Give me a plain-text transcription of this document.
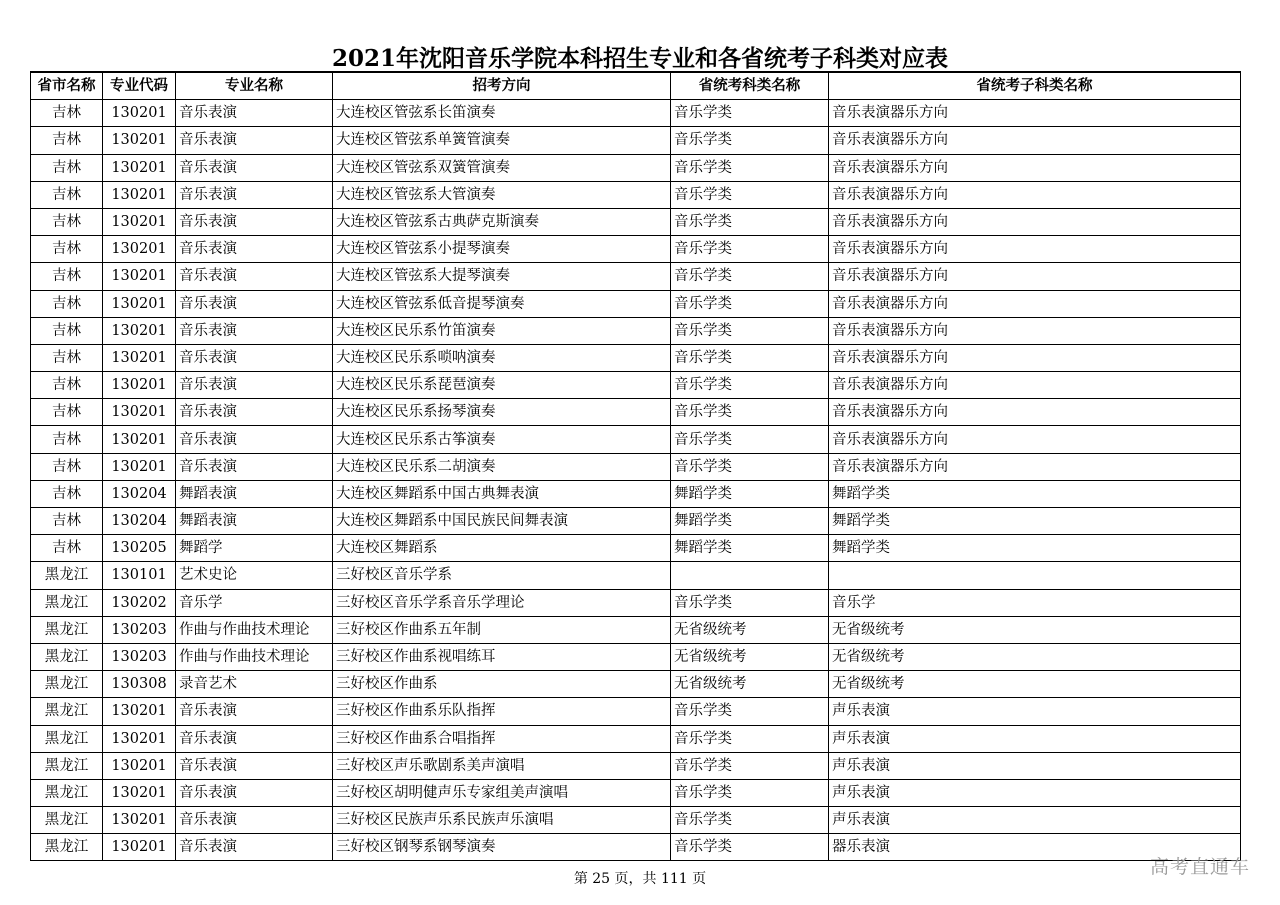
2021年沈阳音乐学院本科招生专业和各省统考子科类对应表
省市名称	专业代码	专业名称	招考方向	省统考科类名称	省统考子科类名称
吉林	130201	音乐表演	大连校区管弦系长笛演奏	音乐学类	音乐表演器乐方向
吉林	130201	音乐表演	大连校区管弦系单簧管演奏	音乐学类	音乐表演器乐方向
吉林	130201	音乐表演	大连校区管弦系双簧管演奏	音乐学类	音乐表演器乐方向
吉林	130201	音乐表演	大连校区管弦系大管演奏	音乐学类	音乐表演器乐方向
吉林	130201	音乐表演	大连校区管弦系古典萨克斯演奏	音乐学类	音乐表演器乐方向
吉林	130201	音乐表演	大连校区管弦系小提琴演奏	音乐学类	音乐表演器乐方向
吉林	130201	音乐表演	大连校区管弦系大提琴演奏	音乐学类	音乐表演器乐方向
吉林	130201	音乐表演	大连校区管弦系低音提琴演奏	音乐学类	音乐表演器乐方向
吉林	130201	音乐表演	大连校区民乐系竹笛演奏	音乐学类	音乐表演器乐方向
吉林	130201	音乐表演	大连校区民乐系唢呐演奏	音乐学类	音乐表演器乐方向
吉林	130201	音乐表演	大连校区民乐系琵琶演奏	音乐学类	音乐表演器乐方向
吉林	130201	音乐表演	大连校区民乐系扬琴演奏	音乐学类	音乐表演器乐方向
吉林	130201	音乐表演	大连校区民乐系古筝演奏	音乐学类	音乐表演器乐方向
吉林	130201	音乐表演	大连校区民乐系二胡演奏	音乐学类	音乐表演器乐方向
吉林	130204	舞蹈表演	大连校区舞蹈系中国古典舞表演	舞蹈学类	舞蹈学类
吉林	130204	舞蹈表演	大连校区舞蹈系中国民族民间舞表演	舞蹈学类	舞蹈学类
吉林	130205	舞蹈学	大连校区舞蹈系	舞蹈学类	舞蹈学类
黑龙江	130101	艺术史论	三好校区音乐学系		
黑龙江	130202	音乐学	三好校区音乐学系音乐学理论	音乐学类	音乐学
黑龙江	130203	作曲与作曲技术理论	三好校区作曲系五年制	无省级统考	无省级统考
黑龙江	130203	作曲与作曲技术理论	三好校区作曲系视唱练耳	无省级统考	无省级统考
黑龙江	130308	录音艺术	三好校区作曲系	无省级统考	无省级统考
黑龙江	130201	音乐表演	三好校区作曲系乐队指挥	音乐学类	声乐表演
黑龙江	130201	音乐表演	三好校区作曲系合唱指挥	音乐学类	声乐表演
黑龙江	130201	音乐表演	三好校区声乐歌剧系美声演唱	音乐学类	声乐表演
黑龙江	130201	音乐表演	三好校区胡明健声乐专家组美声演唱	音乐学类	声乐表演
黑龙江	130201	音乐表演	三好校区民族声乐系民族声乐演唱	音乐学类	声乐表演
黑龙江	130201	音乐表演	三好校区钢琴系钢琴演奏	音乐学类	器乐表演
第 25 页，共 111 页
高考直通车
